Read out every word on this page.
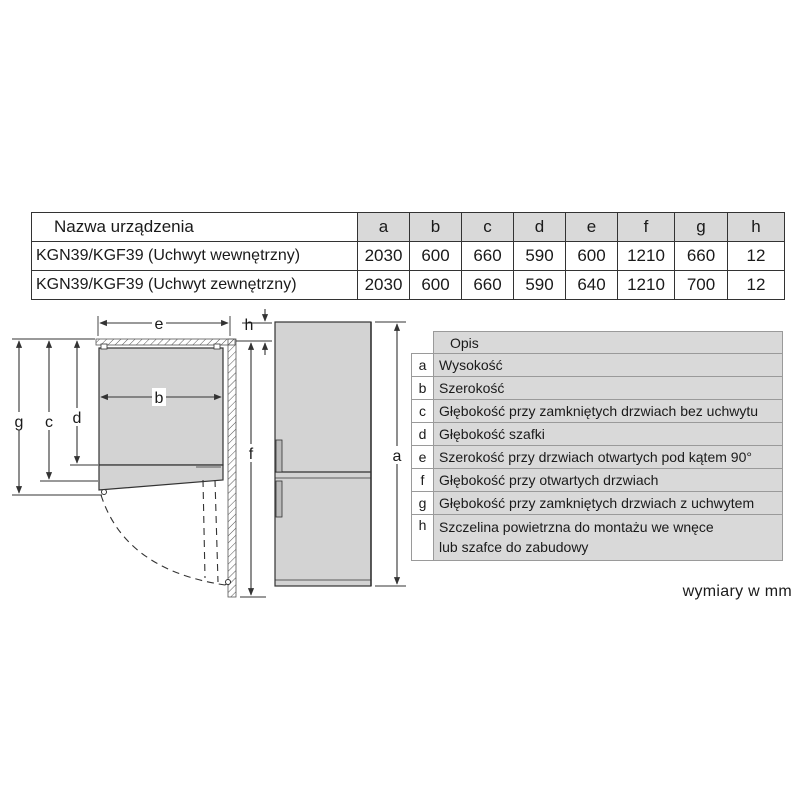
Nazwa urządzenia	a	b	c	d	e	f	g	h
KGN39/KGF39 (Uchwyt wewnętrzny)	2030	600	660	590	600	1210	660	12
KGN39/KGF39 (Uchwyt zewnętrzny)	2030	600	660	590	640	1210	700	12
e
b
g c d
f	a
h
	Opis
a	Wysokość
b	Szerokość
c	Głębokość przy zamkniętych drzwiach bez uchwytu
d	Głębokość szafki
e	Szerokość przy drzwiach otwartych pod kątem 90°
f	Głębokość przy otwartych drzwiach
g	Głębokość przy zamkniętych drzwiach z uchwytem
h	Szczelina powietrzna do montażu we wnęce
lub szafce do zabudowy
wymiary w mm
